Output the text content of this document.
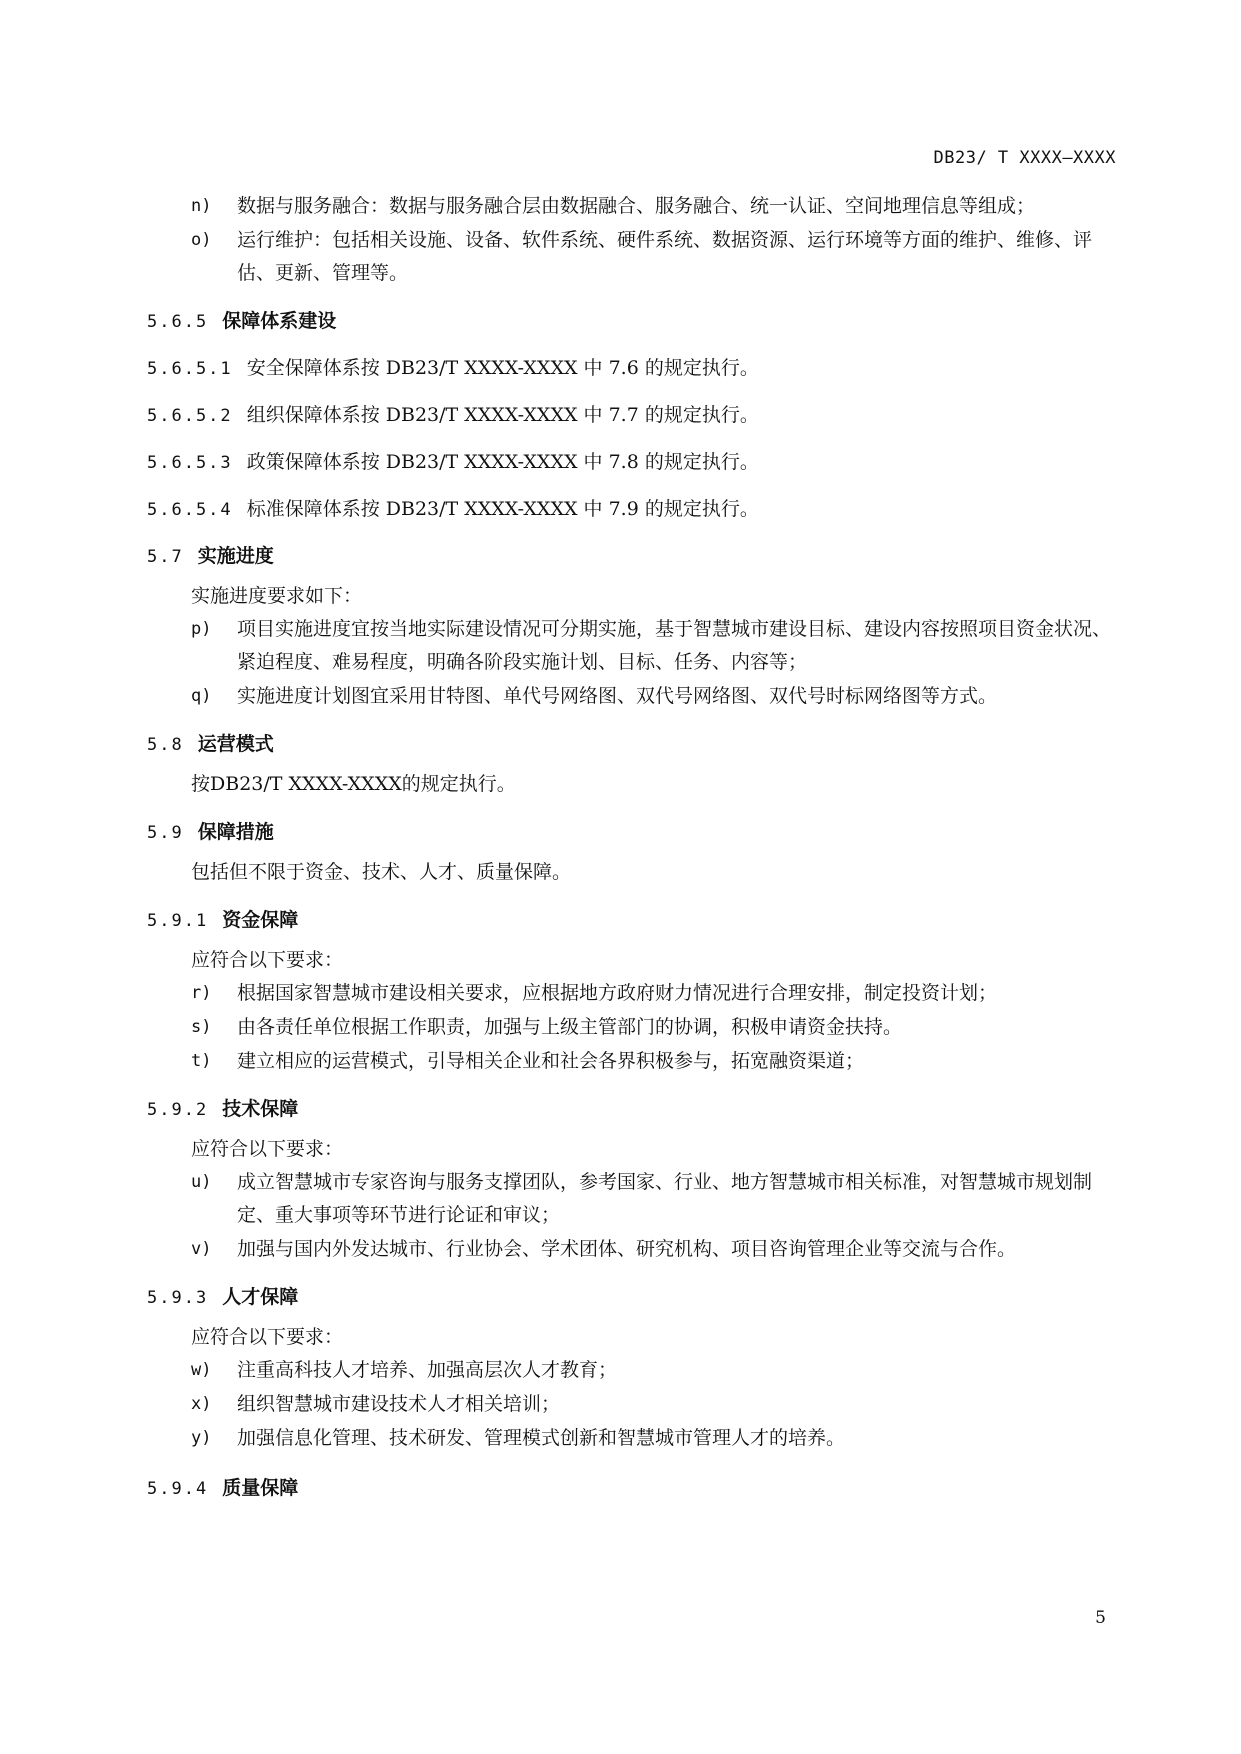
DB23/ T XXXX—XXXX
n) 数据与服务融合：数据与服务融合层由数据融合、服务融合、统一认证、空间地理信息等组成；
o) 运行维护：包括相关设施、设备、软件系统、硬件系统、数据资源、运行环境等方面的维护、维修、评估、更新、管理等。
5.6.5 保障体系建设
5.6.5.1 安全保障体系按 DB23/T XXXX-XXXX 中 7.6 的规定执行。
5.6.5.2 组织保障体系按 DB23/T XXXX-XXXX 中 7.7 的规定执行。
5.6.5.3 政策保障体系按 DB23/T XXXX-XXXX 中 7.8 的规定执行。
5.6.5.4 标准保障体系按 DB23/T XXXX-XXXX 中 7.9 的规定执行。
5.7 实施进度
实施进度要求如下：
p) 项目实施进度宜按当地实际建设情况可分期实施，基于智慧城市建设目标、建设内容按照项目资金状况、紧迫程度、难易程度，明确各阶段实施计划、目标、任务、内容等；
q) 实施进度计划图宜采用甘特图、单代号网络图、双代号网络图、双代号时标网络图等方式。
5.8 运营模式
按DB23/T XXXX-XXXX的规定执行。
5.9 保障措施
包括但不限于资金、技术、人才、质量保障。
5.9.1 资金保障
应符合以下要求：
r) 根据国家智慧城市建设相关要求，应根据地方政府财力情况进行合理安排，制定投资计划；
s) 由各责任单位根据工作职责，加强与上级主管部门的协调，积极申请资金扶持。
t) 建立相应的运营模式，引导相关企业和社会各界积极参与，拓宽融资渠道；
5.9.2 技术保障
应符合以下要求：
u) 成立智慧城市专家咨询与服务支撑团队，参考国家、行业、地方智慧城市相关标准，对智慧城市规划制定、重大事项等环节进行论证和审议；
v) 加强与国内外发达城市、行业协会、学术团体、研究机构、项目咨询管理企业等交流与合作。
5.9.3 人才保障
应符合以下要求：
w) 注重高科技人才培养、加强高层次人才教育；
x) 组织智慧城市建设技术人才相关培训；
y) 加强信息化管理、技术研发、管理模式创新和智慧城市管理人才的培养。
5.9.4 质量保障
5
